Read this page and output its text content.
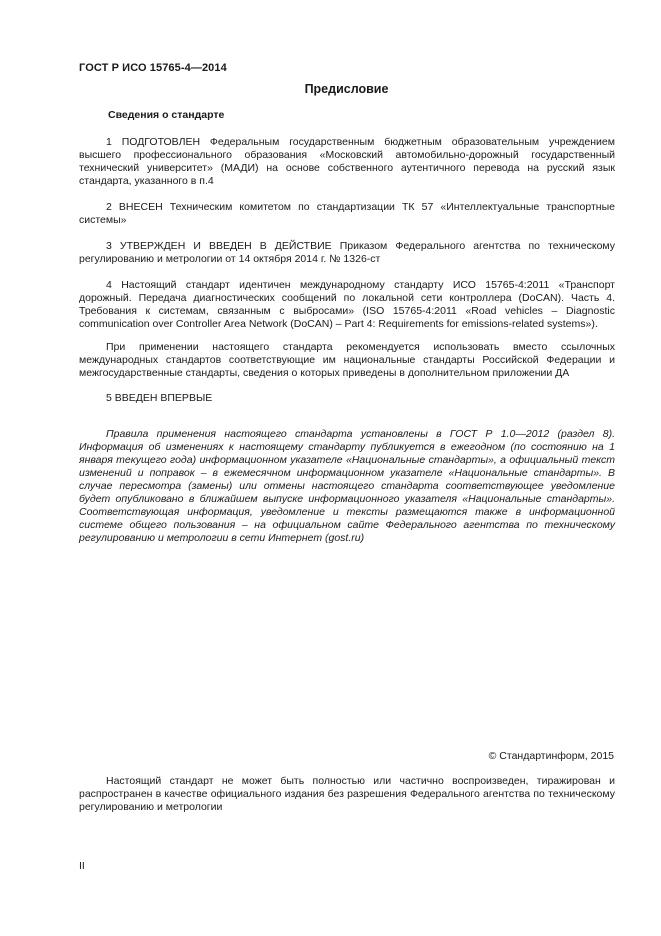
ГОСТ Р ИСО 15765-4—2014
Предисловие
Сведения о стандарте

1 ПОДГОТОВЛЕН Федеральным государственным бюджетным образовательным учреждением высшего профессионального образования «Московский автомобильно-дорожный государственный технический университет» (МАДИ) на основе собственного аутентичного перевода на русский язык стандарта, указанного в п.4

2 ВНЕСЕН Техническим комитетом по стандартизации ТК 57 «Интеллектуальные транспортные системы»

3 УТВЕРЖДЕН И ВВЕДЕН В ДЕЙСТВИЕ Приказом Федерального агентства по техническому регулированию и метрологии от 14 октября 2014 г. № 1326-ст

4 Настоящий стандарт идентичен международному стандарту ИСО 15765-4:2011 «Транспорт дорожный. Передача диагностических сообщений по локальной сети контроллера (DoCAN). Часть 4. Требования к системам, связанным с выбросами» (ISO 15765-4:2011 «Road vehicles – Diagnostic communication over Controller Area Network (DoCAN) – Part 4: Requirements for emissions-related systems»).

При применении настоящего стандарта рекомендуется использовать вместо ссылочных международных стандартов соответствующие им национальные стандарты Российской Федерации и межгосударственные стандарты, сведения о которых приведены в дополнительном приложении ДА

5 ВВЕДЕН ВПЕРВЫЕ

Правила применения настоящего стандарта установлены в ГОСТ Р 1.0—2012 (раздел 8). Информация об изменениях к настоящему стандарту публикуется в ежегодном (по состоянию на 1 января текущего года) информационном указателе «Национальные стандарты», а официальный текст изменений и поправок – в ежемесячном информационном указателе «Национальные стандарты». В случае пересмотра (замены) или отмены настоящего стандарта соответствующее уведомление будет опубликовано в ближайшем выпуске информационного указателя «Национальные стандарты». Соответствующая информация, уведомление и тексты размещаются также в информационной системе общего пользования – на официальном сайте Федерального агентства по техническому регулированию и метрологии в сети Интернет (gost.ru)

© Стандартинформ, 2015

Настоящий стандарт не может быть полностью или частично воспроизведен, тиражирован и распространен в качестве официального издания без разрешения Федерального агентства по техническому регулированию и метрологии

II
